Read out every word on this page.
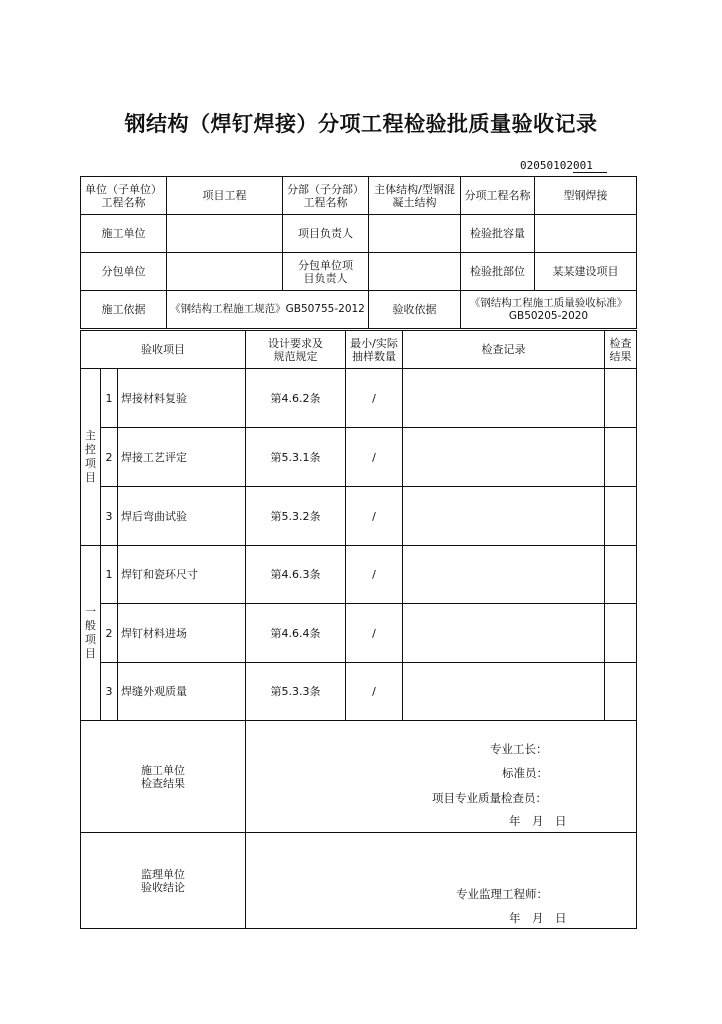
钢结构（焊钉焊接）分项工程检验批质量验收记录
02050102001
单位（子单位）工程名称	项目工程	分部（子分部）工程名称	主体结构/型钢混凝土结构	分项工程名称	型钢焊接
施工单位		项目负责人		检验批容量	
分包单位		分包单位项目负责人		检验批部位	某某建设项目
施工依据	《钢结构工程施工规范》GB50755-2012		验收依据	《钢结构工程施工质量验收标准》GB50205-2020	
验收项目			设计要求及规范规定	最小/实际抽样数量	检查记录	检查结果

主
控
项
目	1	焊接材料复验	第4.6.2条	/		
	2	焊接工艺评定	第5.3.1条	/		
	3	焊后弯曲试验	第5.3.2条	/		

一
般
项
目	1	焊钉和瓷环尺寸	第4.6.3条	/		
	2	焊钉材料进场	第4.6.4条	/		
	3	焊缝外观质量	第5.3.3条	/		
施工单位检查结果	
监理单位验收结论	
专业工长：
标准员：
项目专业质量检查员：
年　月　日
专业监理工程师：
年　月　日
